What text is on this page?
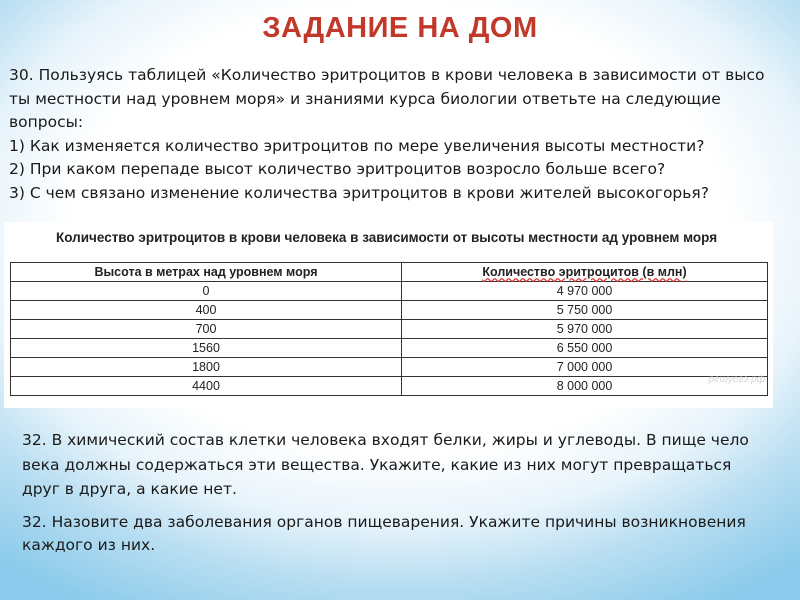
ЗАДАНИЕ НА ДОМ

30. Пользуясь таблицей «Количество эритроцитов в крови человека в зависимости от высо

ты местности над уровнем моря» и знаниями курса биологии ответьте на следующие

вопросы:

1) Как изменяется количество эритроцитов по мере увеличения высоты местности?

2) При каком перепаде высот количество эритроцитов возросло больше всего?

3) С чем связано изменение количества эритроцитов в крови жителей высокогорья?

Количество эритроцитов в крови человека в зависимости от высоты местности ад уровнем моря
Высота в метрах над уровнем моря	Количество эритроцитов (в млн)
0	4 970 000
400	5 750 000
700	5 970 000
1560	6 550 000
1800	7 000 000
4400	8 000 000	решуегэ.рф

32. В химический состав клетки человека входят белки, жиры и углеводы. В пище чело

века должны содержаться эти вещества. Укажите, какие из них могут превращаться

друг в друга, а какие нет.

32. Назовите два заболевания органов пищеварения. Укажите причины возникновения

каждого из них.
